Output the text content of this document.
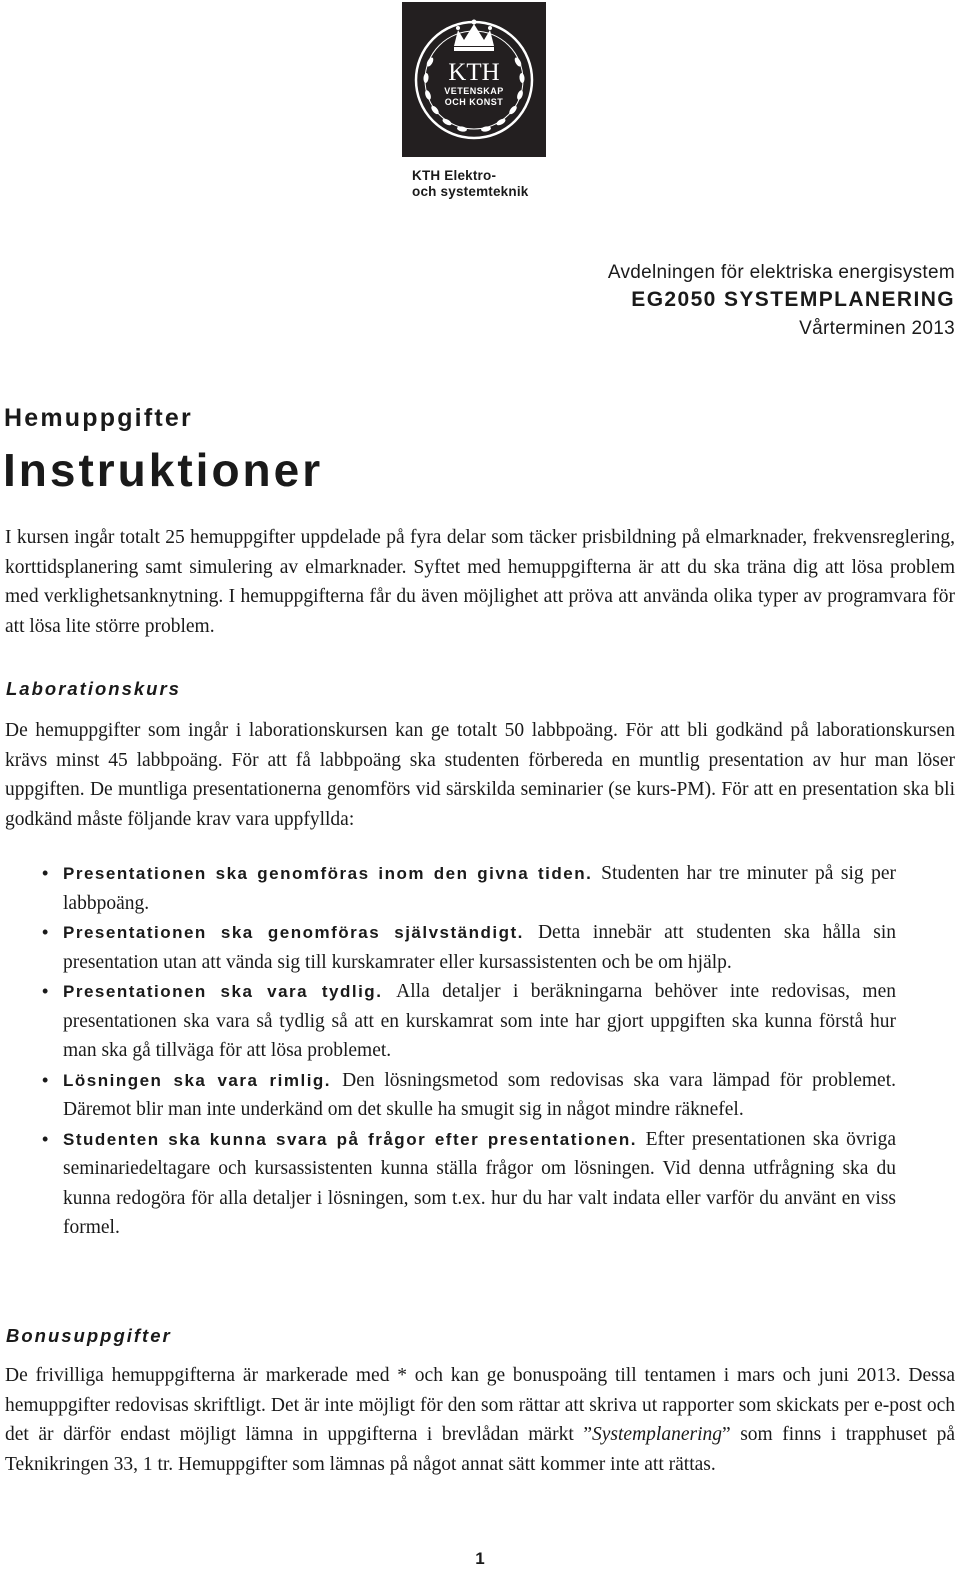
KTH
VETENSKAP
OCH KONST
KTH Elektro-
och systemteknik
Avdelningen för elektriska energisystem
EG2050 SYSTEMPLANERING
Vårterminen 2013
Hemuppgifter
Instruktioner
I kursen ingår totalt 25 hemuppgifter uppdelade på fyra delar som täcker prisbildning på elmarknader, frekvensreglering, korttidsplanering samt simulering av elmarknader. Syftet med hemuppgifterna är att du ska träna dig att lösa problem med verklighetsanknytning. I hemuppgifterna får du även möjlighet att pröva att använda olika typer av programvara för att lösa lite större problem.
Laborationskurs
De hemuppgifter som ingår i laborationskursen kan ge totalt 50 labbpoäng. För att bli godkänd på laborationskursen krävs minst 45 labbpoäng. För att få labbpoäng ska studenten förbereda en muntlig presentation av hur man löser uppgiften. De muntliga presentationerna genomförs vid särskilda seminarier (se kurs-PM). För att en presentation ska bli godkänd måste följande krav vara uppfyllda:
• Presentationen ska genomföras inom den givna tiden. Studenten har tre minuter på sig per labbpoäng.
• Presentationen ska genomföras självständigt. Detta innebär att studenten ska hålla sin presentation utan att vända sig till kurskamrater eller kursassistenten och be om hjälp.
• Presentationen ska vara tydlig. Alla detaljer i beräkningarna behöver inte redovisas, men presentationen ska vara så tydlig så att en kurskamrat som inte har gjort uppgiften ska kunna förstå hur man ska gå tillväga för att lösa problemet.
• Lösningen ska vara rimlig. Den lösningsmetod som redovisas ska vara lämpad för problemet. Däremot blir man inte underkänd om det skulle ha smugit sig in något mindre räknefel.
• Studenten ska kunna svara på frågor efter presentationen. Efter presentationen ska övriga seminariedeltagare och kursassistenten kunna ställa frågor om lösningen. Vid denna utfrågning ska du kunna redogöra för alla detaljer i lösningen, som t.ex. hur du har valt indata eller varför du använt en viss formel.
Bonusuppgifter
De frivilliga hemuppgifterna är markerade med * och kan ge bonuspoäng till tentamen i mars och juni 2013. Dessa hemuppgifter redovisas skriftligt. Det är inte möjligt för den som rättar att skriva ut rapporter som skickats per e-post och det är därför endast möjligt lämna in uppgifterna i brevlådan märkt ”Systemplanering” som finns i trapphuset på Teknikringen 33, 1 tr. Hemuppgifter som lämnas på något annat sätt kommer inte att rättas.
1
